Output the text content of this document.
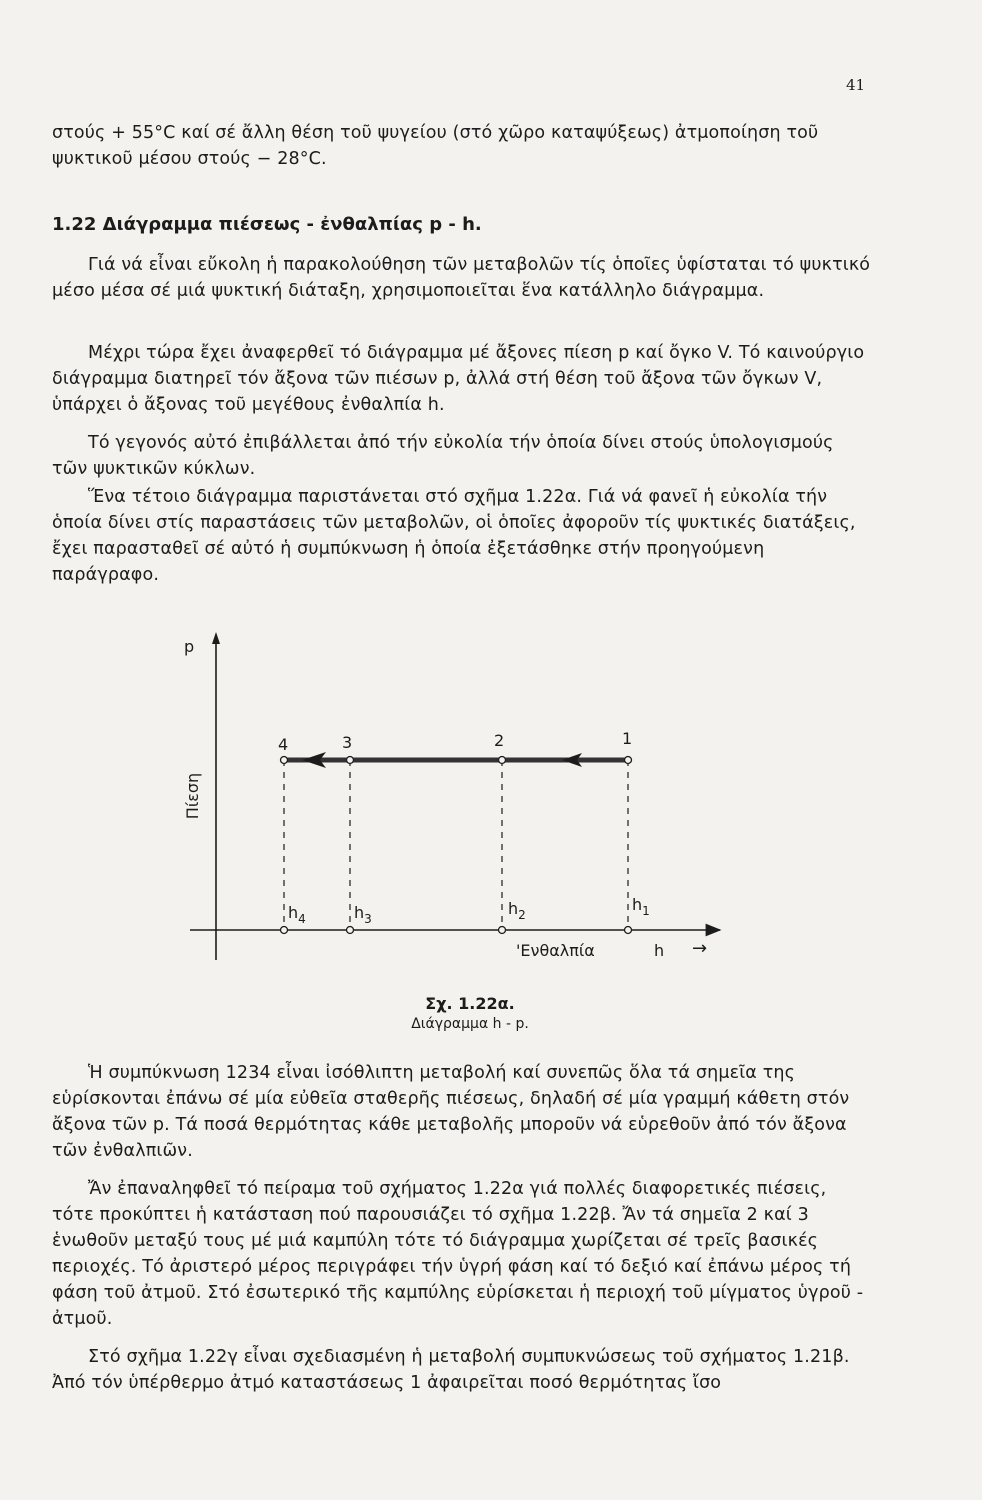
41

στούς + 55°C καί σέ ἄλλη θέση τοῦ ψυγείου (στό χῶρο καταψύξεως) ἀτμοποίηση τοῦ ψυκτικοῦ μέσου στούς − 28°C.

1.22 Διάγραμμα πιέσεως - ἐνθαλπίας p - h.

Γιά νά εἶναι εὔκολη ἡ παρακολούθηση τῶν μεταβολῶν τίς ὁποῖες ὑφίσταται τό ψυκτικό μέσο μέσα σέ μιά ψυκτική διάταξη, χρησιμοποιεῖται ἕνα κατάλληλο διάγραμμα.

Μέχρι τώρα ἔχει ἀναφερθεῖ τό διάγραμμα μέ ἄξονες πίεση p καί ὄγκο V. Τό καινούργιο διάγραμμα διατηρεῖ τόν ἄξονα τῶν πιέσων p, ἀλλά στή θέση τοῦ ἄξονα τῶν ὄγκων V, ὑπάρχει ὁ ἄξονας τοῦ μεγέθους ἐνθαλπία h.

Τό γεγονός αὐτό ἐπιβάλλεται ἀπό τήν εὐκολία τήν ὁποία δίνει στούς ὑπολογισμούς τῶν ψυκτικῶν κύκλων.

Ἕνα τέτοιο διάγραμμα παριστάνεται στό σχῆμα 1.22α. Γιά νά φανεῖ ἡ εὐκολία τήν ὁποία δίνει στίς παραστάσεις τῶν μεταβολῶν, οἱ ὁποῖες ἀφοροῦν τίς ψυκτικές διατάξεις, ἔχει παρασταθεῖ σέ αὐτό ἡ συμπύκνωση ἡ ὁποία ἐξετάσθηκε στήν προηγούμενη παράγραφο.

p
Πίεση
'Ενθαλπία	h →
4	3	2	1
$h_4$	$h_3$
$h_2$
$h_1$

Σχ. 1.22α.

Διάγραμμα h - p.

Ἡ συμπύκνωση 1234 εἶναι ἰσόθλιπτη μεταβολή καί συνεπῶς ὅλα τά σημεῖα της εὑρίσκονται ἐπάνω σέ μία εὐθεῖα σταθερῆς πιέσεως, δηλαδή σέ μία γραμμή κάθετη στόν ἄξονα τῶν p. Τά ποσά θερμότητας κάθε μεταβολῆς μποροῦν νά εὑρεθοῦν ἀπό τόν ἄξονα τῶν ἐνθαλπιῶν.

Ἄν ἐπαναληφθεῖ τό πείραμα τοῦ σχήματος 1.22α γιά πολλές διαφορετικές πιέσεις, τότε προκύπτει ἡ κατάσταση πού παρουσιάζει τό σχῆμα 1.22β. Ἄν τά σημεῖα 2 καί 3 ἑνωθοῦν μεταξύ τους μέ μιά καμπύλη τότε τό διάγραμμα χωρίζεται σέ τρεῖς βασικές περιοχές. Τό ἀριστερό μέρος περιγράφει τήν ὑγρή φάση καί τό δεξιό καί ἐπάνω μέρος τή φάση τοῦ ἀτμοῦ. Στό ἐσωτερικό τῆς καμπύλης εὑρίσκεται ἡ περιοχή τοῦ μίγματος ὑγροῦ - ἀτμοῦ.

Στό σχῆμα 1.22γ εἶναι σχεδιασμένη ἡ μεταβολή συμπυκνώσεως τοῦ σχήματος 1.21β. Ἀπό τόν ὑπέρθερμο ἀτμό καταστάσεως 1 ἀφαιρεῖται ποσό θερμότητας ἴσο
